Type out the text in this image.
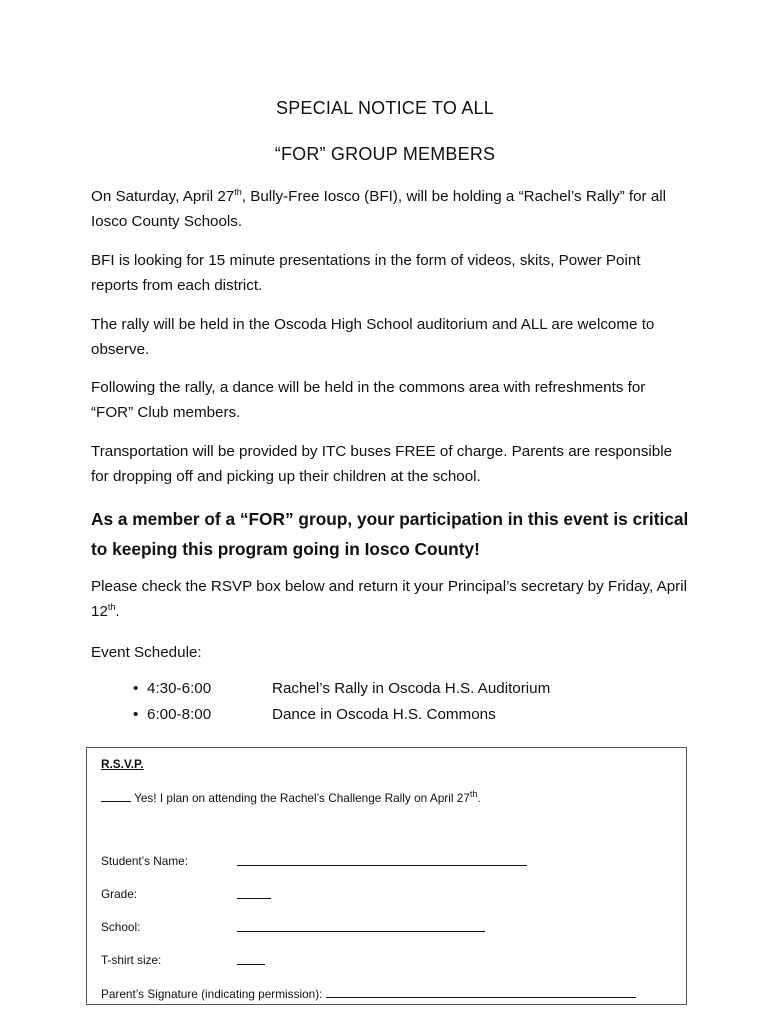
SPECIAL NOTICE TO ALL
“FOR” GROUP MEMBERS
On Saturday, April 27th, Bully-Free Iosco (BFI), will be holding a “Rachel’s Rally” for all Iosco County Schools.
BFI is looking for 15 minute presentations in the form of videos, skits, Power Point reports from each district.
The rally will be held in the Oscoda High School auditorium and ALL are welcome to observe.
Following the rally, a dance will be held in the commons area with refreshments for “FOR” Club members.
Transportation will be provided by ITC buses FREE of charge. Parents are responsible for dropping off and picking up their children at the school.
As a member of a “FOR” group, your participation in this event is critical to keeping this program going in Iosco County!
Please check the RSVP box below and return it your Principal’s secretary by Friday, April 12th.
Event Schedule:
• 4:30-6:00	Rachel’s Rally in Oscoda H.S. Auditorium
• 6:00-8:00	Dance in Oscoda H.S. Commons
R.S.V.P.
Yes! I plan on attending the Rachel’s Challenge Rally on April 27th.
Student’s Name:
Grade:
School:
T-shirt size:
Parent’s Signature (indicating permission):
